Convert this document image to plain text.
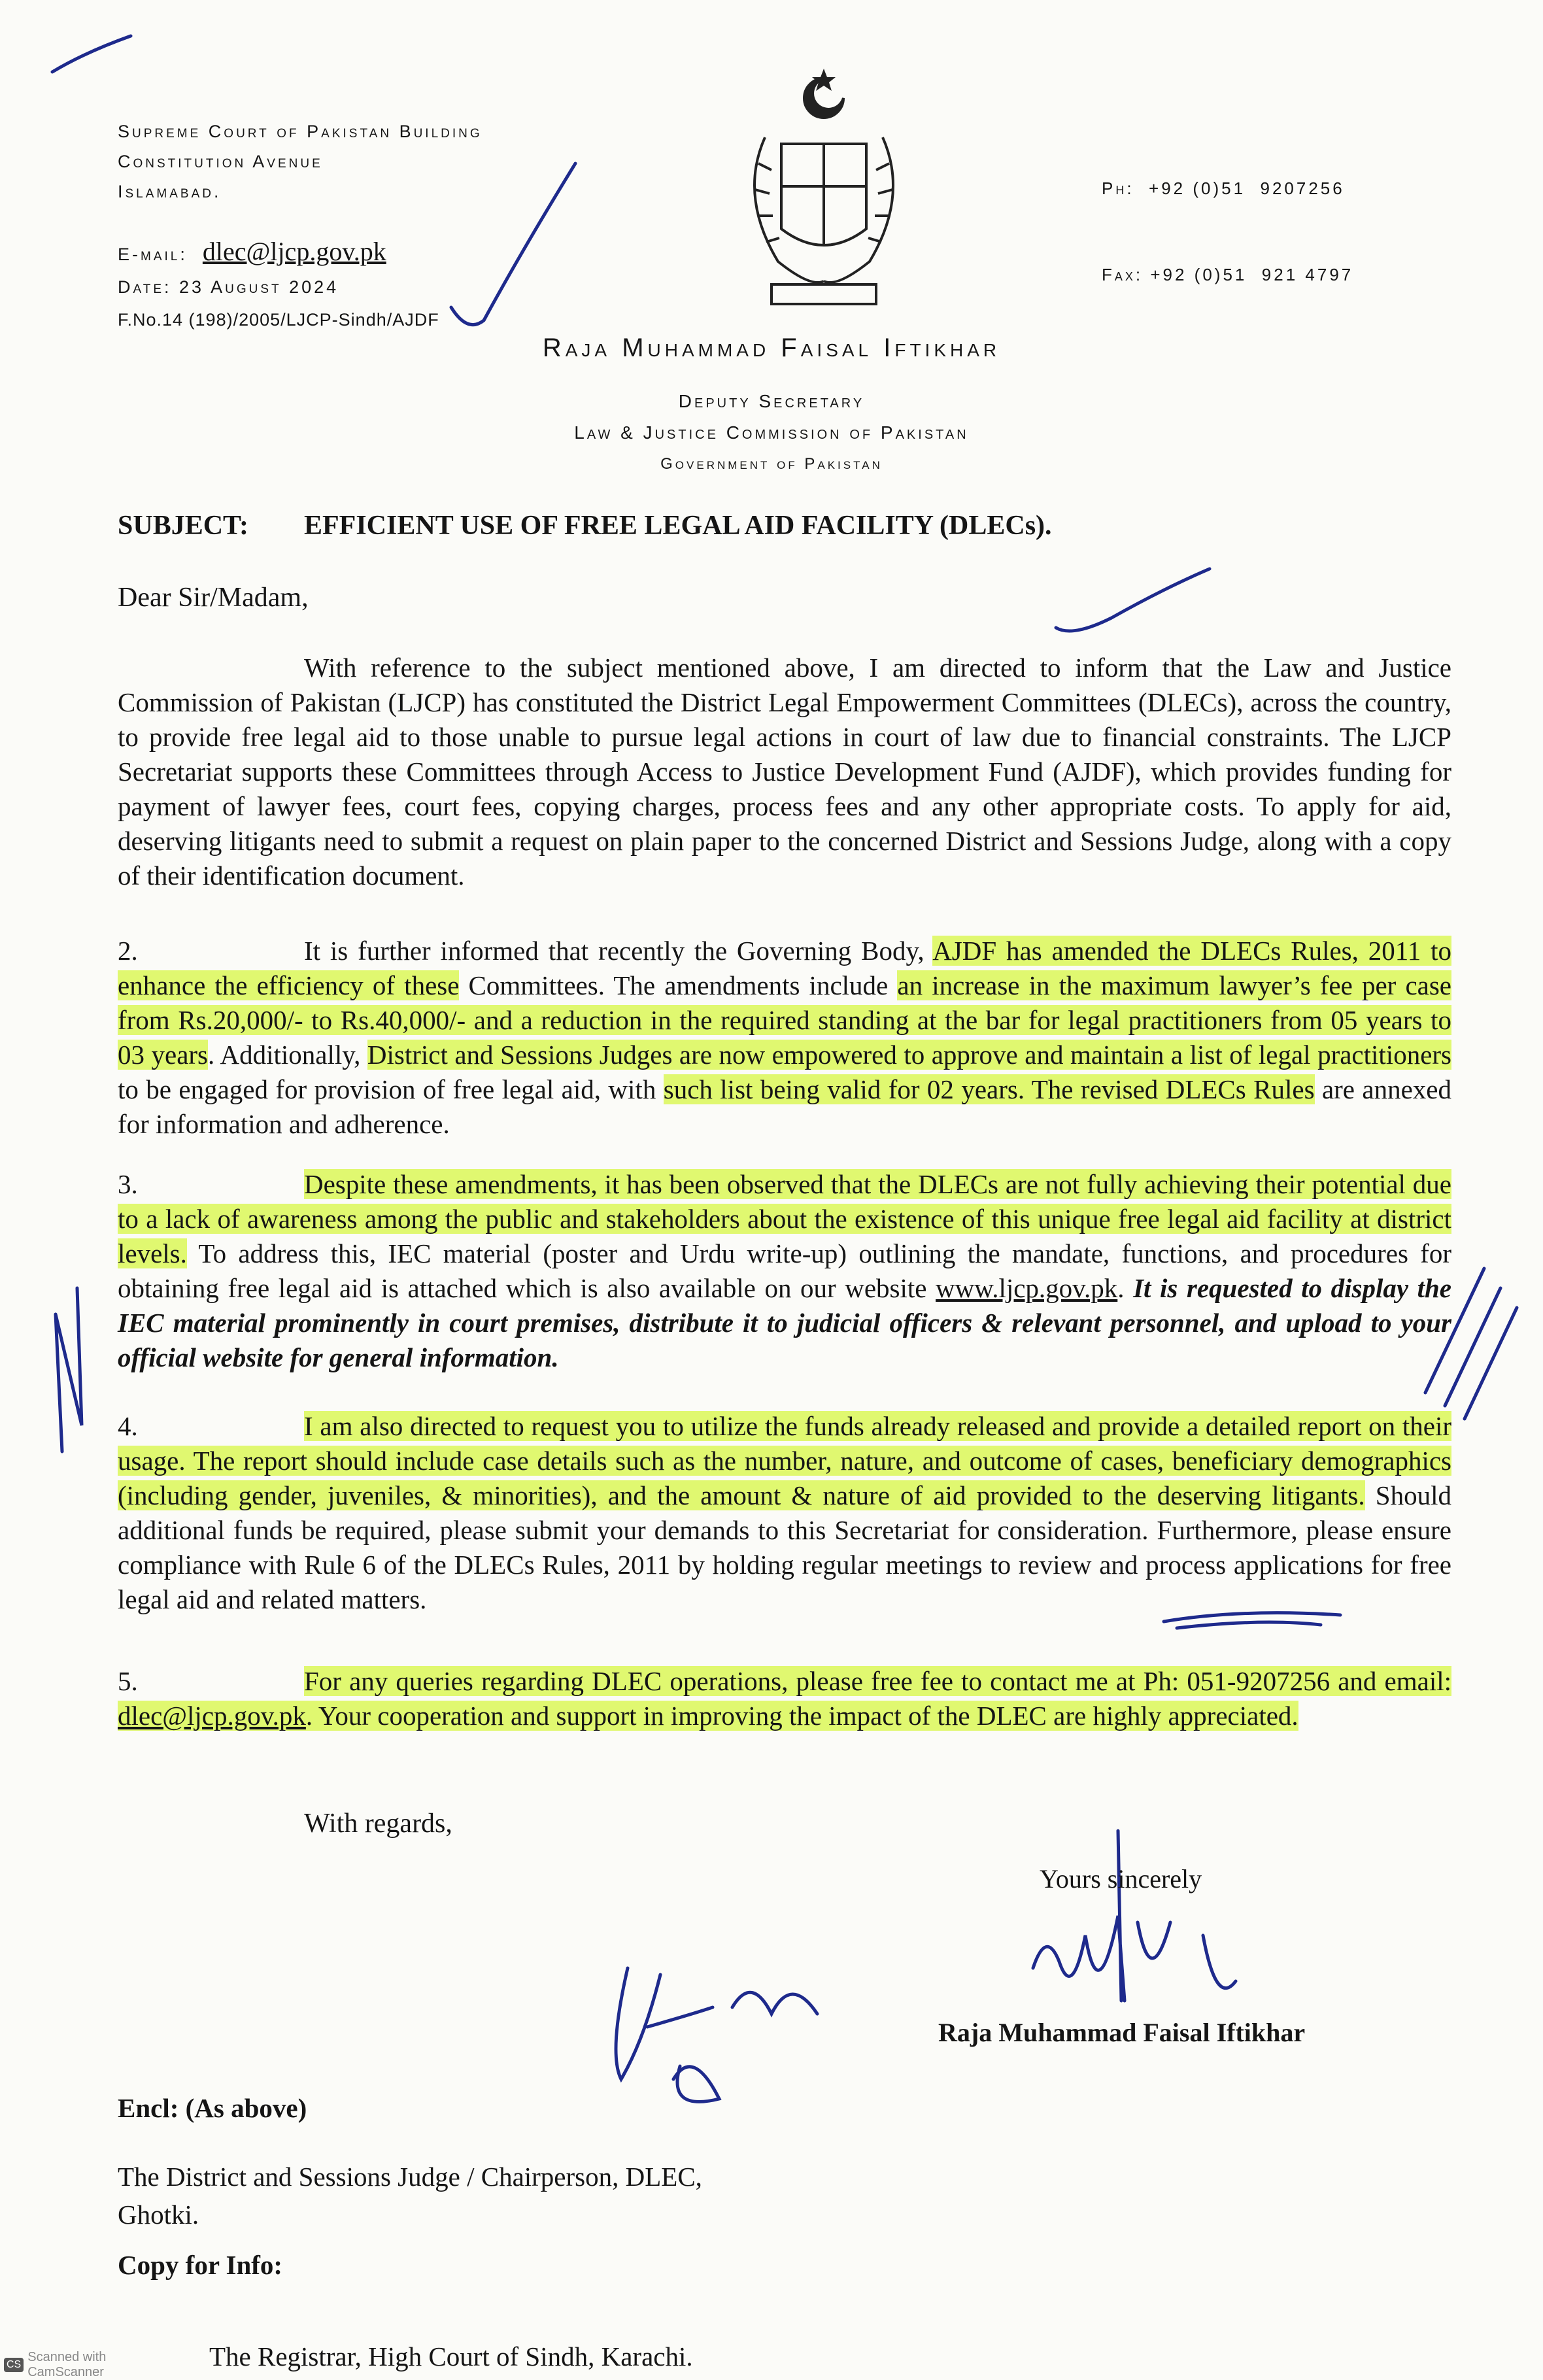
Supreme Court of Pakistan Building
Constitution Avenue
Islamabad.
E-mail: dlec@ljcp.gov.pk
Date: 23 August 2024
F.No.14 (198)/2005/LJCP-Sindh/AJDF

Ph:  +92 (0)51  9207256

Fax: +92 (0)51  921 4797

Raja Muhammad Faisal Iftikhar
Deputy Secretary
Law & Justice Commission of Pakistan
Government of Pakistan
SUBJECT: EFFICIENT USE OF FREE LEGAL AID FACILITY (DLECs).
Dear Sir/Madam,
With reference to the subject mentioned above, I am directed to inform that the Law and Justice Commission of Pakistan (LJCP) has constituted the District Legal Empowerment Committees (DLECs), across the country, to provide free legal aid to those unable to pursue legal actions in court of law due to financial constraints. The LJCP Secretariat supports these Committees through Access to Justice Development Fund (AJDF), which provides funding for payment of lawyer fees, court fees, copying charges, process fees and any other appropriate costs. To apply for aid, deserving litigants need to submit a request on plain paper to the concerned District and Sessions Judge, along with a copy of their identification document.
2.	It is further informed that recently the Governing Body, AJDF has amended the DLECs Rules, 2011 to enhance the efficiency of these Committees. The amendments include an increase in the maximum lawyer’s fee per case from Rs.20,000/- to Rs.40,000/- and a reduction in the required standing at the bar for legal practitioners from 05 years to 03 years. Additionally, District and Sessions Judges are now empowered to approve and maintain a list of legal practitioners to be engaged for provision of free legal aid, with such list being valid for 02 years. The revised DLECs Rules are annexed for information and adherence.
3.	Despite these amendments, it has been observed that the DLECs are not fully achieving their potential due to a lack of awareness among the public and stakeholders about the existence of this unique free legal aid facility at district levels. To address this, IEC material (poster and Urdu write-up) outlining the mandate, functions, and procedures for obtaining free legal aid is attached which is also available on our website www.ljcp.gov.pk. It is requested to display the IEC material prominently in court premises, distribute it to judicial officers & relevant personnel, and upload to your official website for general information.
4.	I am also directed to request you to utilize the funds already released and provide a detailed report on their usage. The report should include case details such as the number, nature, and outcome of cases, beneficiary demographics (including gender, juveniles, & minorities), and the amount & nature of aid provided to the deserving litigants. Should additional funds be required, please submit your demands to this Secretariat for consideration. Furthermore, please ensure compliance with Rule 6 of the DLECs Rules, 2011 by holding regular meetings to review and process applications for free legal aid and related matters.
5.	For any queries regarding DLEC operations, please free fee to contact me at Ph: 051-9207256 and email: dlec@ljcp.gov.pk. Your cooperation and support in improving the impact of the DLEC are highly appreciated.
With regards,
Yours sincerely
Raja Muhammad Faisal Iftikhar
Encl: (As above)
The District and Sessions Judge / Chairperson, DLEC,
Ghotki.
Copy for Info:
The Registrar, High Court of Sindh, Karachi.
CS
Scanned with CamScanner
